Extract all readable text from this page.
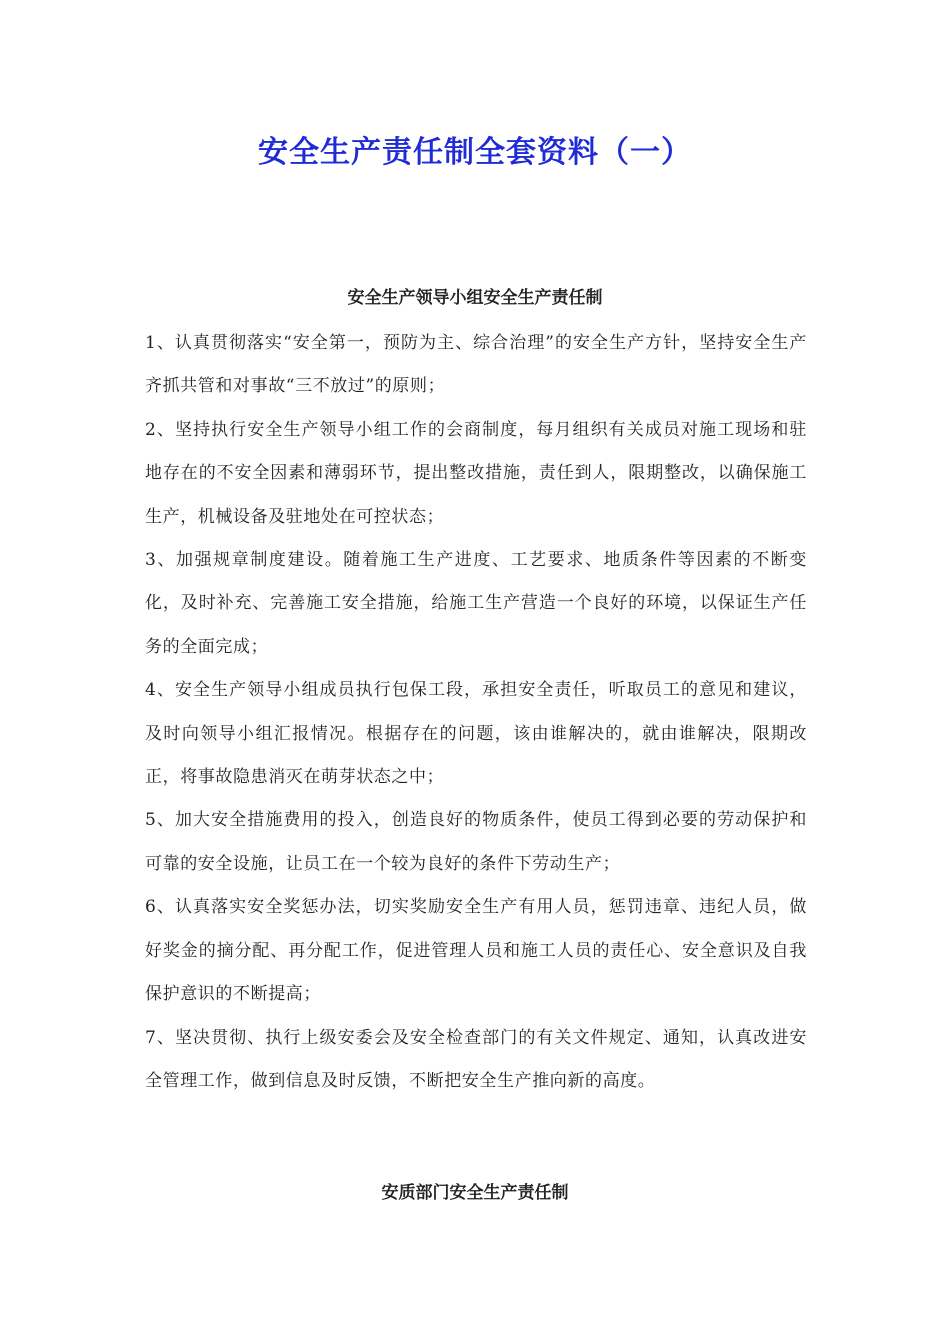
安全生产责任制全套资料（一）
安全生产领导小组安全生产责任制

1、认真贯彻落实“安全第一，预防为主、综合治理”的安全生产方针，坚持安全生产齐抓共管和对事故“三不放过”的原则；

2、坚持执行安全生产领导小组工作的会商制度，每月组织有关成员对施工现场和驻地存在的不安全因素和薄弱环节，提出整改措施，责任到人，限期整改，以确保施工生产，机械设备及驻地处在可控状态；

3、加强规章制度建设。随着施工生产进度、工艺要求、地质条件等因素的不断变化，及时补充、完善施工安全措施，给施工生产营造一个良好的环境，以保证生产任务的全面完成；

4、安全生产领导小组成员执行包保工段，承担安全责任，听取员工的意见和建议，及时向领导小组汇报情况。根据存在的问题，该由谁解决的，就由谁解决，限期改正，将事故隐患消灭在萌芽状态之中；

5、加大安全措施费用的投入，创造良好的物质条件，使员工得到必要的劳动保护和可靠的安全设施，让员工在一个较为良好的条件下劳动生产；

6、认真落实安全奖惩办法，切实奖励安全生产有用人员，惩罚违章、违纪人员，做好奖金的摘分配、再分配工作，促进管理人员和施工人员的责任心、安全意识及自我保护意识的不断提高；

7、坚决贯彻、执行上级安委会及安全检查部门的有关文件规定、通知，认真改进安全管理工作，做到信息及时反馈，不断把安全生产推向新的高度。

安质部门安全生产责任制
